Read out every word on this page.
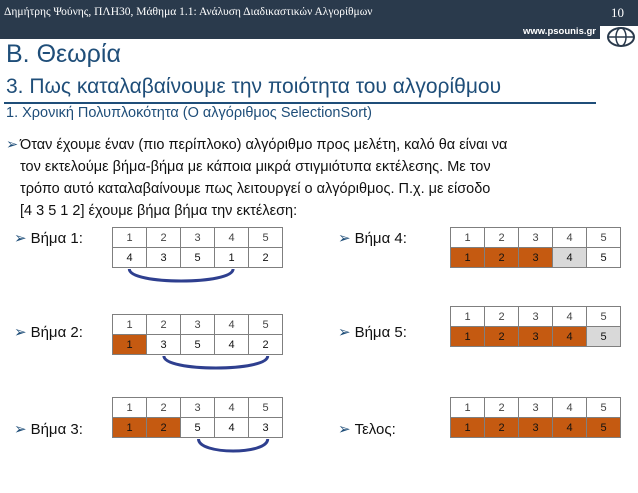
Δημήτρης Ψούνης, ΠΛΗ30, Μάθημα 1.1: Ανάλυση Διαδικαστικών Αλγορίθμων	10
www.psounis.gr
Β. Θεωρία
3. Πως καταλαβαίνουμε την ποιότητα του αλγορίθμου
1. Χρονική Πολυπλοκότητα (Ο αλγόριθμος SelectionSort)
➢ Όταν έχουμε έναν (πιο περίπλοκο) αλγόριθμο προς μελέτη, καλό θα είναι να
τον εκτελούμε βήμα-βήμα με κάποια μικρά στιγμιότυπα εκτέλεσης. Με τον
τρόπο αυτό καταλαβαίνουμε πως λειτουργεί ο αλγόριθμος. Π.χ. με είσοδο
[4 3 5 1 2] έχουμε βήμα βήμα την εκτέλεση:
➢ Βήμα 1:	1	2	3	4	5
4	3	5	1	2
➢ Βήμα 2:	1	2	3	4	5
1	3	5	4	2
➢ Βήμα 3:
1	2	3	4	5
1	2	5	4	3
➢ Βήμα 4:	1	2	3	4	5
1	2	3	4	5
➢ Βήμα 5:
1	2	3	4	5
1	2	3	4	5
➢ Τελος:
1	2	3	4	5
1	2	3	4	5
